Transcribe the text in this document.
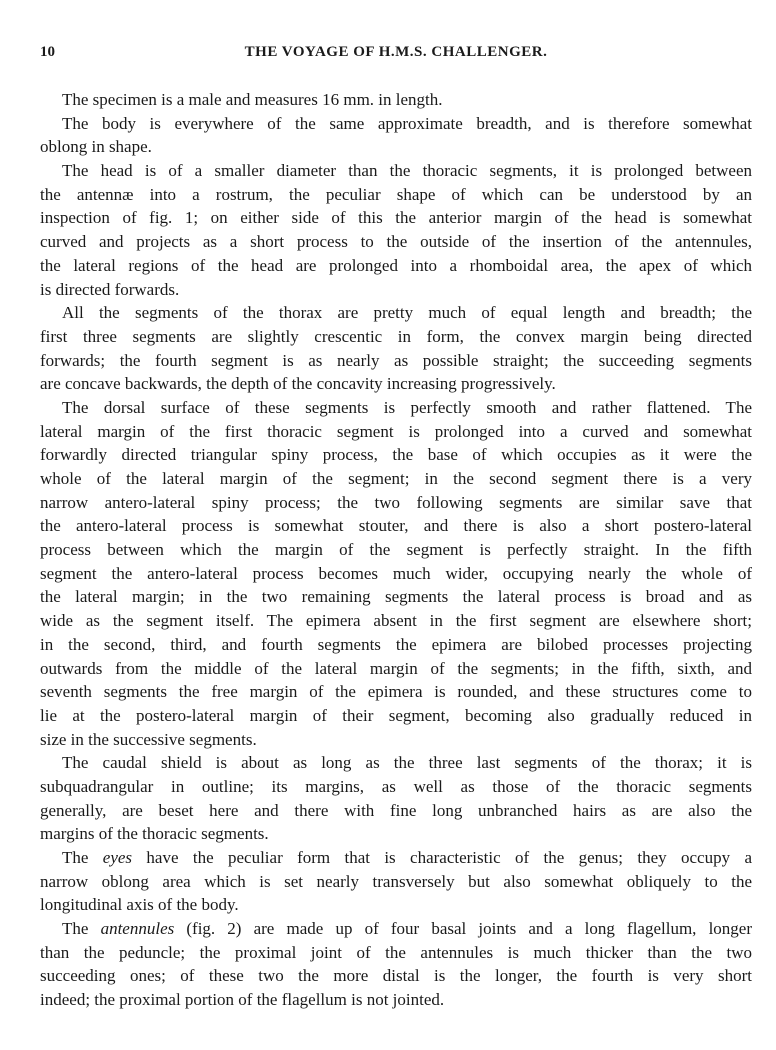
10	THE VOYAGE OF H.M.S. CHALLENGER.
The specimen is a male and measures 16 mm. in length.
The body is everywhere of the same approximate breadth, and is therefore somewhat
oblong in shape.
The head is of a smaller diameter than the thoracic segments, it is prolonged between
the antennæ into a rostrum, the peculiar shape of which can be understood by an
inspection of fig. 1; on either side of this the anterior margin of the head is somewhat
curved and projects as a short process to the outside of the insertion of the antennules,
the lateral regions of the head are prolonged into a rhomboidal area, the apex of which
is directed forwards.
All the segments of the thorax are pretty much of equal length and breadth; the
first three segments are slightly crescentic in form, the convex margin being directed
forwards; the fourth segment is as nearly as possible straight; the succeeding segments
are concave backwards, the depth of the concavity increasing progressively.
The dorsal surface of these segments is perfectly smooth and rather flattened. The
lateral margin of the first thoracic segment is prolonged into a curved and somewhat
forwardly directed triangular spiny process, the base of which occupies as it were the
whole of the lateral margin of the segment; in the second segment there is a very
narrow antero-lateral spiny process; the two following segments are similar save that
the antero-lateral process is somewhat stouter, and there is also a short postero-lateral
process between which the margin of the segment is perfectly straight. In the fifth
segment the antero-lateral process becomes much wider, occupying nearly the whole of
the lateral margin; in the two remaining segments the lateral process is broad and as
wide as the segment itself. The epimera absent in the first segment are elsewhere short;
in the second, third, and fourth segments the epimera are bilobed processes projecting
outwards from the middle of the lateral margin of the segments; in the fifth, sixth, and
seventh segments the free margin of the epimera is rounded, and these structures come to
lie at the postero-lateral margin of their segment, becoming also gradually reduced in
size in the successive segments.
The caudal shield is about as long as the three last segments of the thorax; it is
subquadrangular in outline; its margins, as well as those of the thoracic segments
generally, are beset here and there with fine long unbranched hairs as are also the
margins of the thoracic segments.
The eyes have the peculiar form that is characteristic of the genus; they occupy a
narrow oblong area which is set nearly transversely but also somewhat obliquely to the
longitudinal axis of the body.
The antennules (fig. 2) are made up of four basal joints and a long flagellum, longer
than the peduncle; the proximal joint of the antennules is much thicker than the two
succeeding ones; of these two the more distal is the longer, the fourth is very short
indeed; the proximal portion of the flagellum is not jointed.
